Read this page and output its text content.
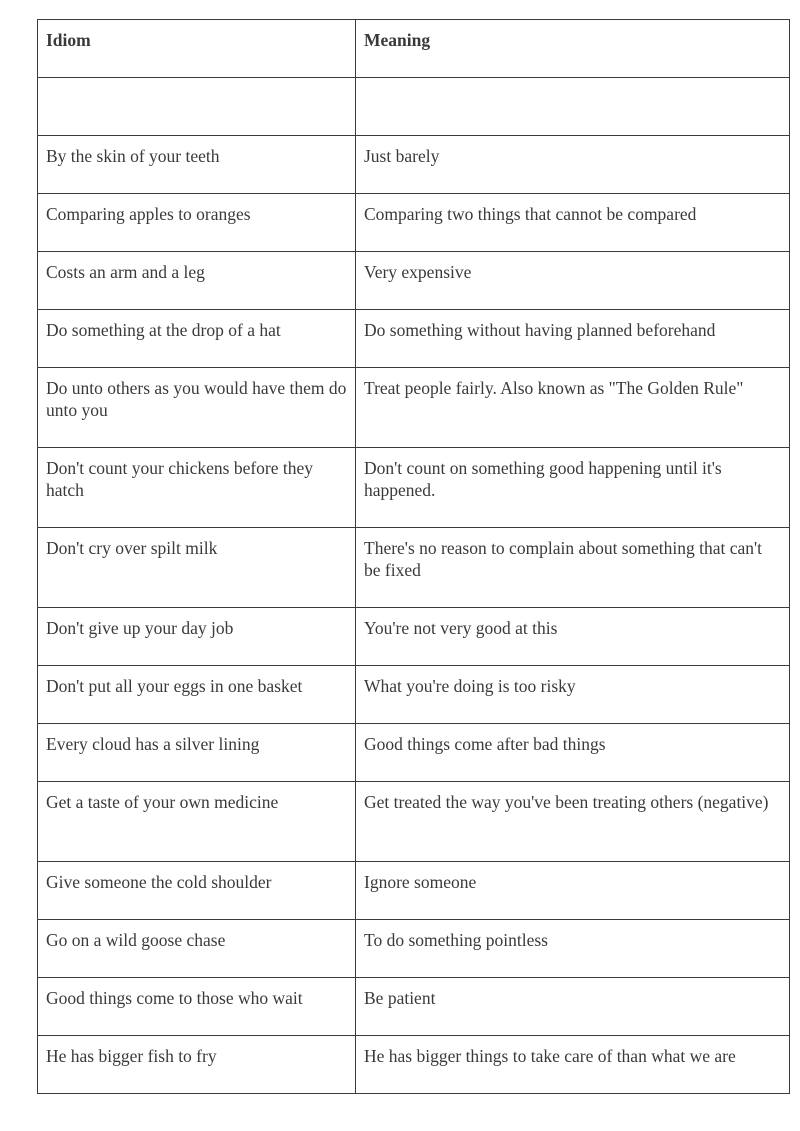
Idiom	Meaning

By the skin of your teeth	Just barely
Comparing apples to oranges	Comparing two things that cannot be compared
Costs an arm and a leg	Very expensive
Do something at the drop of a hat	Do something without having planned beforehand
Do unto others as you would have them do unto you	Treat people fairly. Also known as "The Golden Rule"
Don't count your chickens before they hatch	Don't count on something good happening until it's happened.
Don't cry over spilt milk	There's no reason to complain about something that can't be fixed
Don't give up your day job	You're not very good at this
Don't put all your eggs in one basket	What you're doing is too risky
Every cloud has a silver lining	Good things come after bad things
Get a taste of your own medicine	Get treated the way you've been treating others (negative)
Give someone the cold shoulder	Ignore someone
Go on a wild goose chase	To do something pointless
Good things come to those who wait	Be patient
He has bigger fish to fry	He has bigger things to take care of than what we are
